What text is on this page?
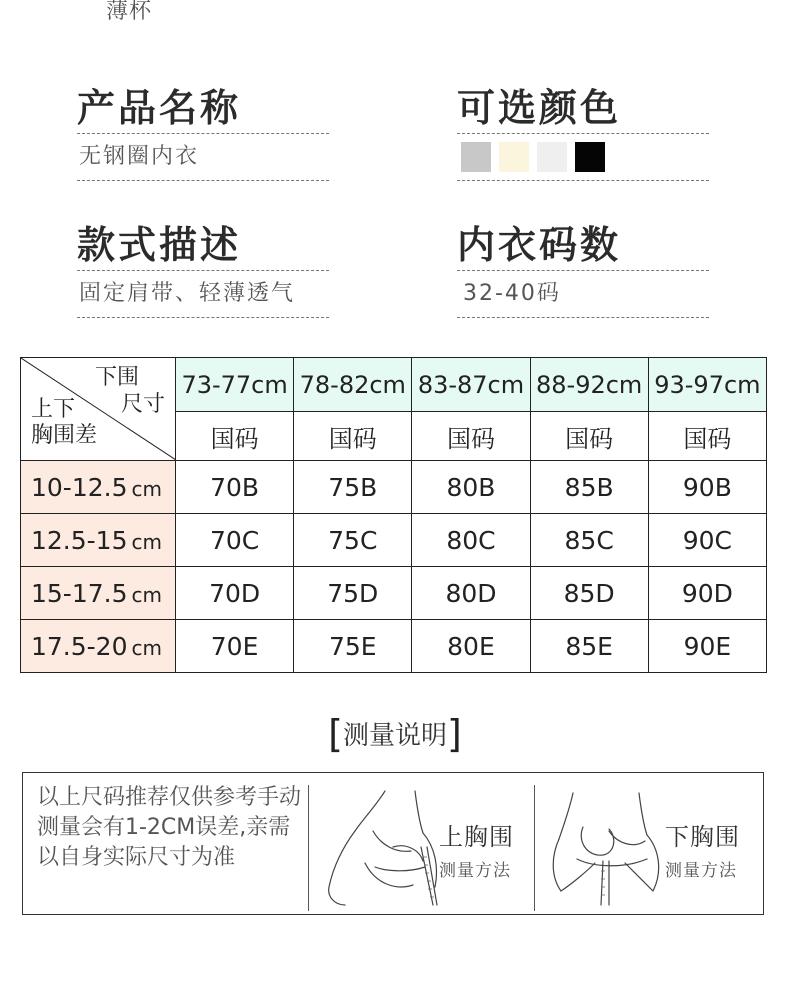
薄杯
产品名称
无钢圈内衣
可选颜色
款式描述
固定肩带、轻薄透气
内衣码数
32-40码
下围
尺寸
上下
胸围差	73-77cm	78-82cm	83-87cm	88-92cm	93-97cm
	国码	国码	国码	国码	国码
10-12.5 cm	70B	75B	80B	85B	90B
12.5-15 cm	70C	75C	80C	85C	90C
15-17.5 cm	70D	75D	80D	85D	90D
17.5-20 cm	70E	75E	80E	85E	90E
[测量说明]
以上尺码推荐仅供参考手动测量会有1-2CM误差,亲需以自身实际尺寸为准
上胸围
测量方法
下胸围
测量方法
